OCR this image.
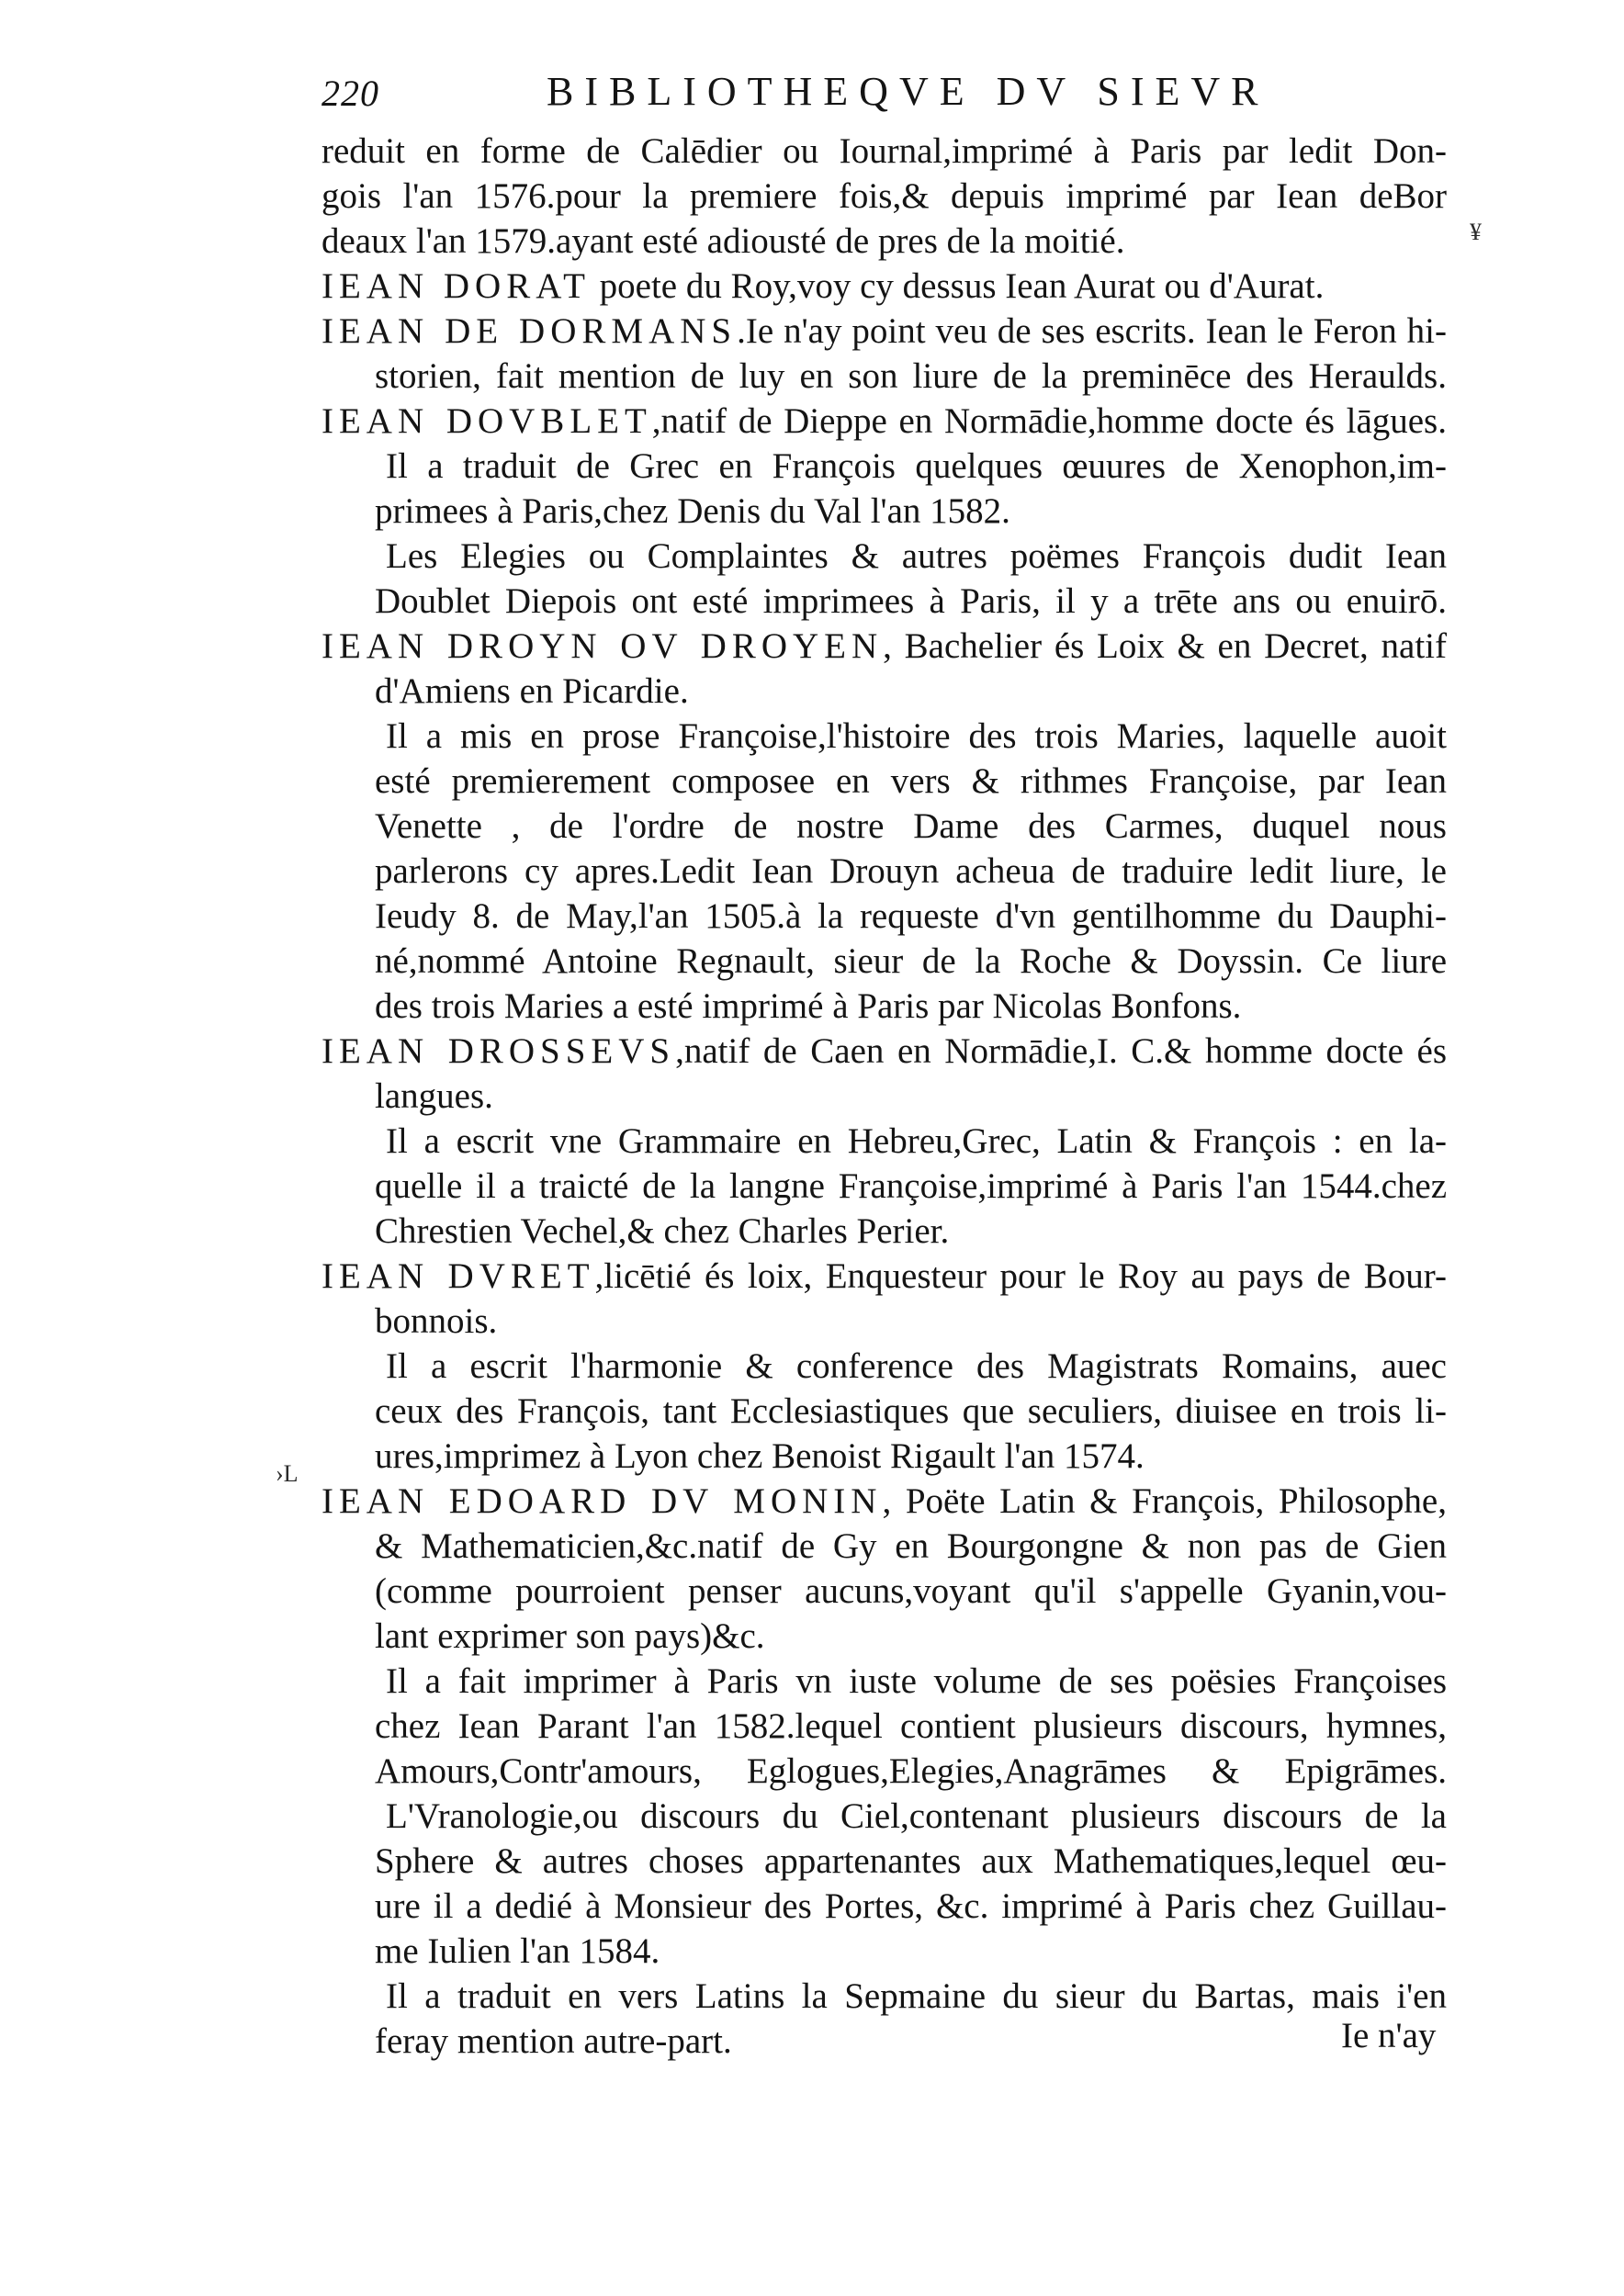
220	BIBLIOTHEQVE DV SIEVR
reduit en forme de Calēdier ou Iournal,imprimé à Paris par ledit Don-
gois l'an 1576.pour la premiere fois,& depuis imprimé par Iean deBor
deaux l'an 1579.ayant esté adiousté de pres de la moitié.
IEAN DORAT poete du Roy,voy cy dessus Iean Aurat ou d'Aurat.
IEAN DE DORMANS.Ie n'ay point veu de ses escrits. Iean le Feron hi-
storien, fait mention de luy en son liure de la preminēce des Heraulds.
IEAN DOVBLET,natif de Dieppe en Normādie,homme docte és lāgues.
Il a traduit de Grec en François quelques œuures de Xenophon,im-
primees à Paris,chez Denis du Val l'an 1582.
Les Elegies ou Complaintes & autres poëmes François dudit Iean
Doublet Diepois ont esté imprimees à Paris, il y a trēte ans ou enuirō.
IEAN DROYN OV DROYEN, Bachelier és Loix & en Decret, natif
d'Amiens en Picardie.
Il a mis en prose Françoise,l'histoire des trois Maries, laquelle auoit
esté premierement composee en vers & rithmes Françoise, par Iean
Venette , de l'ordre de nostre Dame des Carmes, duquel nous
parlerons cy apres.Ledit Iean Drouyn acheua de traduire ledit liure, le
Ieudy 8. de May,l'an 1505.à la requeste d'vn gentilhomme du Dauphi-
né,nommé Antoine Regnault, sieur de la Roche & Doyssin. Ce liure
des trois Maries a esté imprimé à Paris par Nicolas Bonfons.
IEAN DROSSEVS,natif de Caen en Normādie,I. C.& homme docte és
langues.
Il a escrit vne Grammaire en Hebreu,Grec, Latin & François : en la-
quelle il a traicté de la langne Françoise,imprimé à Paris l'an 1544.chez
Chrestien Vechel,& chez Charles Perier.
IEAN DVRET,licētié és loix, Enquesteur pour le Roy au pays de Bour-
bonnois.
Il a escrit l'harmonie & conference des Magistrats Romains, auec
ceux des François, tant Ecclesiastiques que seculiers, diuisee en trois li-
ures,imprimez à Lyon chez Benoist Rigault l'an 1574.
IEAN EDOARD DV MONIN, Poëte Latin & François, Philosophe,
& Mathematicien,&c.natif de Gy en Bourgongne & non pas de Gien
(comme pourroient penser aucuns,voyant qu'il s'appelle Gyanin,vou-
lant exprimer son pays)&c.
Il a fait imprimer à Paris vn iuste volume de ses poësies Françoises
chez Iean Parant l'an 1582.lequel contient plusieurs discours, hymnes,
Amours,Contr'amours, Eglogues,Elegies,Anagrāmes & Epigrāmes.
L'Vranologie,ou discours du Ciel,contenant plusieurs discours de la
Sphere & autres choses appartenantes aux Mathematiques,lequel œu-
ure il a dedié à Monsieur des Portes, &c. imprimé à Paris chez Guillau-
me Iulien l'an 1584.
Il a traduit en vers Latins la Sepmaine du sieur du Bartas, mais i'en
feray mention autre-part.	Ie n'ay
¥
›L
